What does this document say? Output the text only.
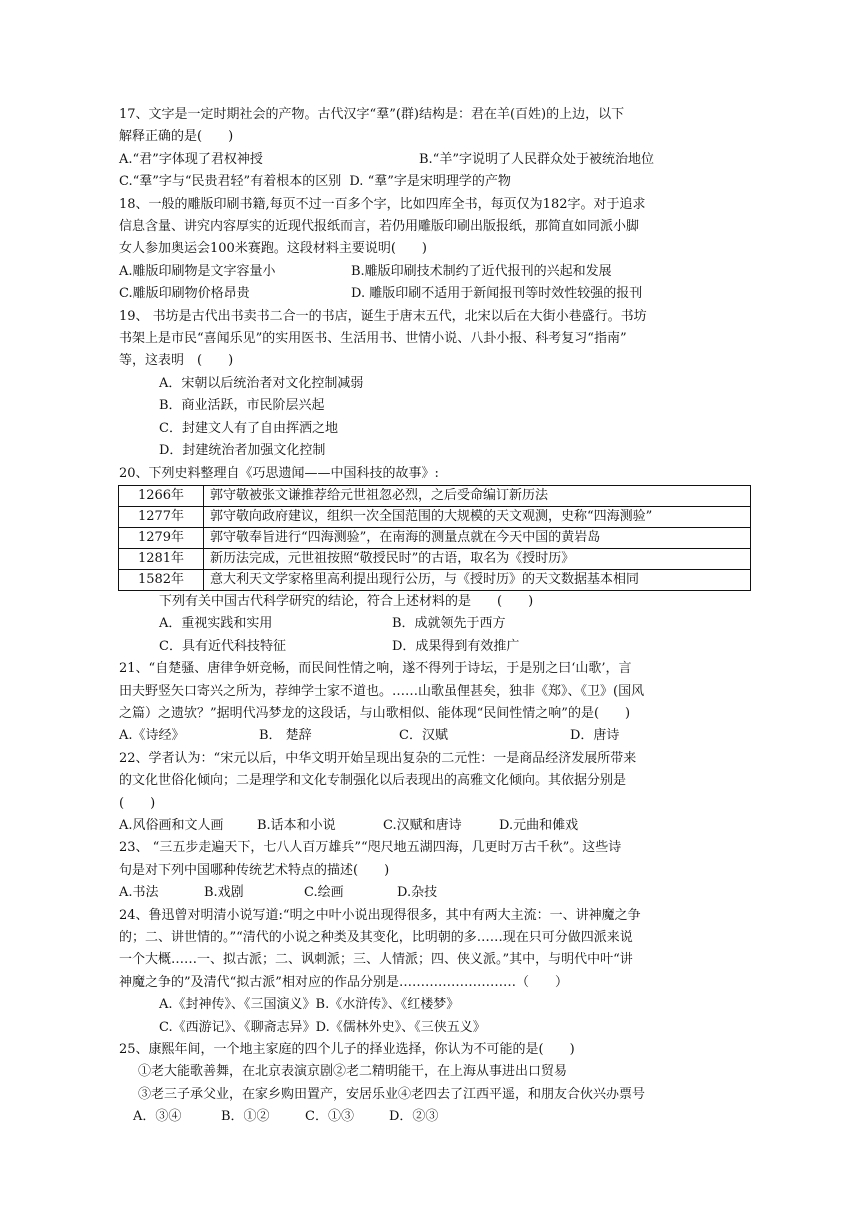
17、文字是一定时期社会的产物。古代汉字“羣”(群)结构是：君在羊(百姓)的上边，以下
解释正确的是(　　)
A.“君”字体现了君权神授	B.“羊”字说明了人民群众处于被统治地位
C.“羣”字与“民贵君轻”有着根本的区别 D. “羣”字是宋明理学的产物
18、一般的雕版印刷书籍,每页不过一百多个字，比如四库全书，每页仅为182字。对于追求
信息含量、讲究内容厚实的近现代报纸而言，若仍用雕版印刷出版报纸，那简直如同派小脚
女人参加奥运会100米赛跑。这段材料主要说明(　　)
A.雕版印刷物是文字容量小	B.雕版印刷技术制约了近代报刊的兴起和发展
C.雕版印刷物价格昂贵	D. 雕版印刷不适用于新闻报刊等时效性较强的报刊
19、 书坊是古代出书卖书二合一的书店，诞生于唐末五代，北宋以后在大街小巷盛行。书坊
书架上是市民“喜闻乐见”的实用医书、生活用书、世情小说、八卦小报、科考复习“指南”
等，这表明　(　　)
A．宋朝以后统治者对文化控制减弱
B．商业活跃，市民阶层兴起
C．封建文人有了自由挥洒之地
D．封建统治者加强文化控制
20、下列史料整理自《巧思遗闻——中国科技的故事》:
1266年	郭守敬被张文谦推荐给元世祖忽必烈，之后受命编订新历法
1277年	郭守敬向政府建议，组织一次全国范围的大规模的天文观测，史称“四海测验”
1279年	郭守敬奉旨进行“四海测验”，在南海的测量点就在今天中国的黄岩岛
1281年	新历法完成，元世祖按照“敬授民时”的古语，取名为《授时历》
1582年	意大利天文学家格里高利提出现行公历，与《授时历》的天文数据基本相同
下列有关中国古代科学研究的结论，符合上述材料的是　　(　　)
A．重视实践和实用	B．成就领先于西方
C．具有近代科技特征	D．成果得到有效推广
21、“自楚骚、唐律争妍竞畅，而民间性情之响，遂不得列于诗坛，于是别之曰‘山歌’，言
田夫野竖矢口寄兴之所为，荐绅学士家不道也。……山歌虽俚甚矣，独非《郑》、《卫》(国风
之篇）之遗欤？”据明代冯梦龙的这段话，与山歌相似、能体现“民间性情之响”的是(　　)
A.《诗经》	B． 楚辞	C．汉赋	D．唐诗
22、学者认为：“宋元以后，中华文明开始呈现出复杂的二元性：一是商品经济发展所带来
的文化世俗化倾向；二是理学和文化专制强化以后表现出的高雅文化倾向。其依据分别是
(　　)
A.风俗画和文人画	B.话本和小说	C.汉赋和唐诗	D.元曲和傩戏
23、 “三五步走遍天下，七八人百万雄兵”“咫尺地五湖四海，几更时万古千秋”。这些诗
句是对下列中国哪种传统艺术特点的描述(　　)
A.书法	B.戏剧	C.绘画	D.杂技
24、鲁迅曾对明清小说写道:“明之中叶小说出现得很多，其中有两大主流：一、讲神魔之争
的；二、讲世情的。”“清代的小说之种类及其变化，比明朝的多……现在只可分做四派来说
一个大概……一、拟古派；二、讽刺派；三、人情派；四、侠义派。”其中，与明代中叶“讲
神魔之争的”及清代“拟古派”相对应的作品分别是………………………（　　）
A.《封神传》、《三国演义》B.《水浒传》、《红楼梦》
C.《西游记》、《聊斋志异》D.《儒林外史》、《三侠五义》
25、康熙年间，一个地主家庭的四个儿子的择业选择，你认为不可能的是(　　)
①老大能歌善舞，在北京表演京剧②老二精明能干，在上海从事进出口贸易
③老三子承父业，在家乡购田置产，安居乐业④老四去了江西平遥，和朋友合伙兴办票号
A．③④	B．①②	C．①③	D．②③
